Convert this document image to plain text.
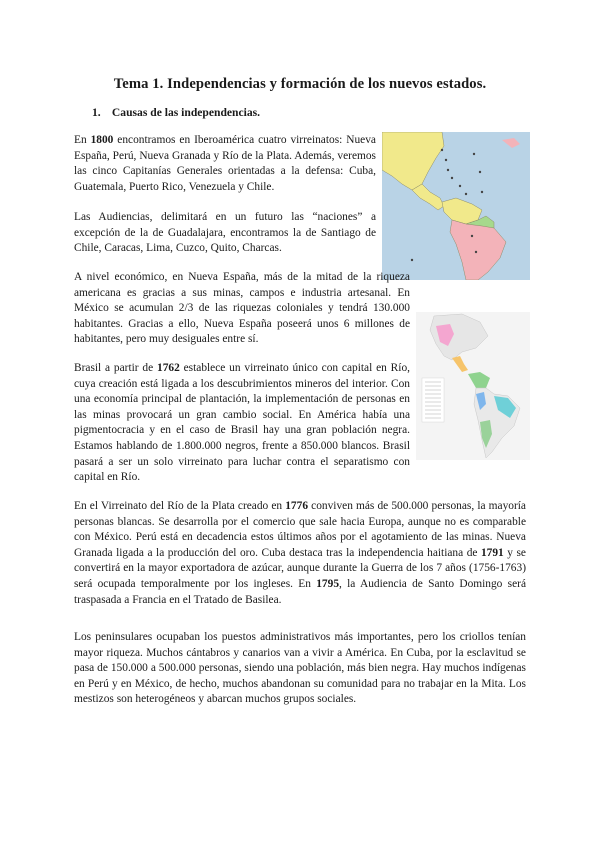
Tema 1. Independencias y formación de los nuevos estados.
1. Causas de las independencias.
En 1800 encontramos en Iberoamérica cuatro virreinatos: Nueva España, Perú, Nueva Granada y Río de la Plata. Además, veremos las cinco Capitanías Generales orientadas a la defensa: Cuba, Guatemala, Puerto Rico, Venezuela y Chile.
Las Audiencias, delimitará en un futuro las “naciones” a excepción de la de Guadalajara, encontramos la de Santiago de Chile, Caracas, Lima, Cuzco, Quito, Charcas.
A nivel económico, en Nueva España, más de la mitad de la riqueza americana es gracias a sus minas, campos e industria artesanal. En México se acumulan 2/3 de las riquezas coloniales y tendrá 130.000 habitantes. Gracias a ello, Nueva España poseerá unos 6 millones de habitantes, pero muy desiguales entre sí.
Brasil a partir de 1762 establece un virreinato único con capital en Río, cuya creación está ligada a los descubrimientos mineros del interior. Con una economía principal de plantación, la implementación de personas en las minas provocará un gran cambio social. En América había una pigmentocracia y en el caso de Brasil hay una gran población negra. Estamos hablando de 1.800.000 negros, frente a 850.000 blancos. Brasil pasará a ser un solo virreinato para luchar contra el separatismo con capital en Río.
En el Virreinato del Río de la Plata creado en 1776 conviven más de 500.000 personas, la mayoría personas blancas. Se desarrolla por el comercio que sale hacia Europa, aunque no es comparable con México. Perú está en decadencia estos últimos años por el agotamiento de las minas. Nueva Granada ligada a la producción del oro. Cuba destaca tras la independencia haitiana de 1791 y se convertirá en la mayor exportadora de azúcar, aunque durante la Guerra de los 7 años (1756-1763) será ocupada temporalmente por los ingleses. En 1795, la Audiencia de Santo Domingo será traspasada a Francia en el Tratado de Basilea.
Los peninsulares ocupaban los puestos administrativos más importantes, pero los criollos tenían mayor riqueza. Muchos cántabros y canarios van a vivir a América. En Cuba, por la esclavitud se pasa de 150.000 a 500.000 personas, siendo una población, más bien negra. Hay muchos indígenas en Perú y en México, de hecho, muchos abandonan su comunidad para no trabajar en la Mita. Los mestizos son heterogéneos y abarcan muchos grupos sociales.
